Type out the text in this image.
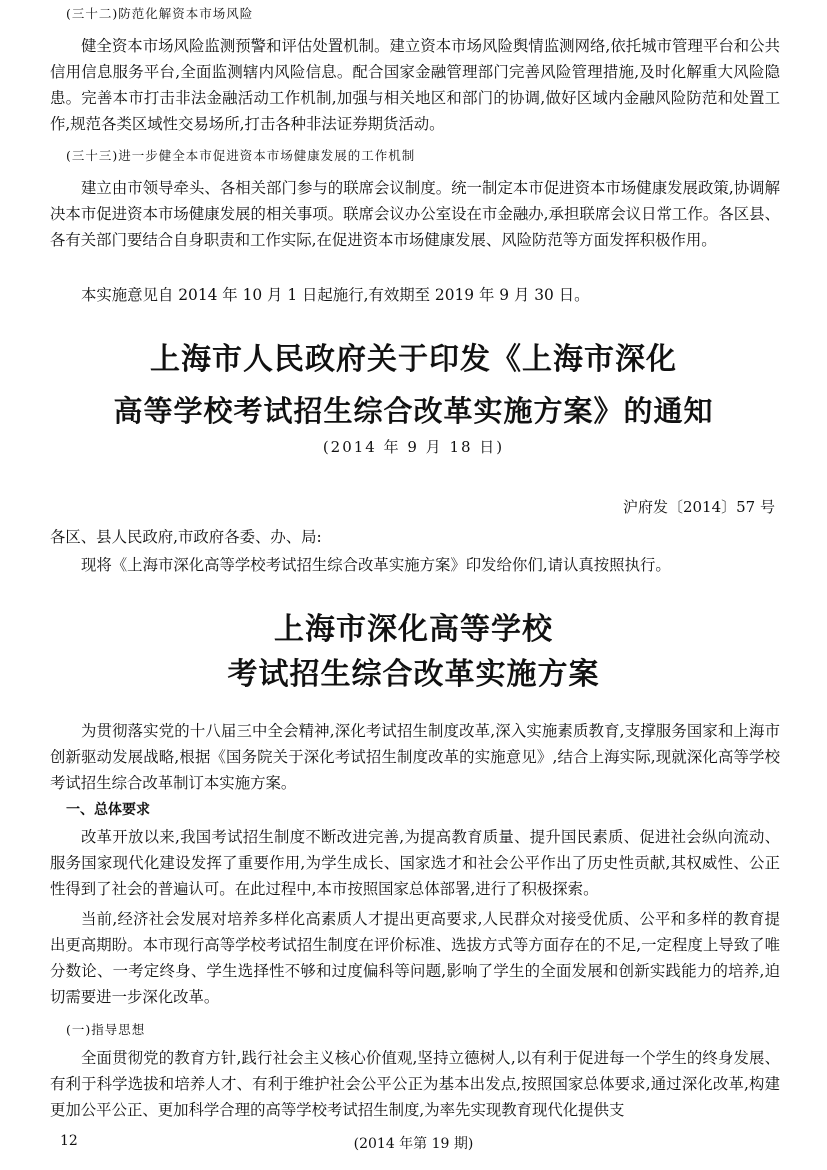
(三十二)防范化解资本市场风险

健全资本市场风险监测预警和评估处置机制。建立资本市场风险舆情监测网络,依托城市管理平台和公共信用信息服务平台,全面监测辖内风险信息。配合国家金融管理部门完善风险管理措施,及时化解重大风险隐患。完善本市打击非法金融活动工作机制,加强与相关地区和部门的协调,做好区域内金融风险防范和处置工作,规范各类区域性交易场所,打击各种非法证券期货活动。

(三十三)进一步健全本市促进资本市场健康发展的工作机制

建立由市领导牵头、各相关部门参与的联席会议制度。统一制定本市促进资本市场健康发展政策,协调解决本市促进资本市场健康发展的相关事项。联席会议办公室设在市金融办,承担联席会议日常工作。各区县、各有关部门要结合自身职责和工作实际,在促进资本市场健康发展、风险防范等方面发挥积极作用。

本实施意见自 2014 年 10 月 1 日起施行,有效期至 2019 年 9 月 30 日。

上海市人民政府关于印发《上海市深化
高等学校考试招生综合改革实施方案》的通知

(2014 年 9 月 18 日)

沪府发〔2014〕57 号

各区、县人民政府,市政府各委、办、局:

现将《上海市深化高等学校考试招生综合改革实施方案》印发给你们,请认真按照执行。

上海市深化高等学校
考试招生综合改革实施方案

为贯彻落实党的十八届三中全会精神,深化考试招生制度改革,深入实施素质教育,支撑服务国家和上海市创新驱动发展战略,根据《国务院关于深化考试招生制度改革的实施意见》,结合上海实际,现就深化高等学校考试招生综合改革制订本实施方案。

一、总体要求

改革开放以来,我国考试招生制度不断改进完善,为提高教育质量、提升国民素质、促进社会纵向流动、服务国家现代化建设发挥了重要作用,为学生成长、国家选才和社会公平作出了历史性贡献,其权威性、公正性得到了社会的普遍认可。在此过程中,本市按照国家总体部署,进行了积极探索。

当前,经济社会发展对培养多样化高素质人才提出更高要求,人民群众对接受优质、公平和多样的教育提出更高期盼。本市现行高等学校考试招生制度在评价标准、选拔方式等方面存在的不足,一定程度上导致了唯分数论、一考定终身、学生选择性不够和过度偏科等问题,影响了学生的全面发展和创新实践能力的培养,迫切需要进一步深化改革。

(一)指导思想

全面贯彻党的教育方针,践行社会主义核心价值观,坚持立德树人,以有利于促进每一个学生的终身发展、有利于科学选拔和培养人才、有利于维护社会公平公正为基本出发点,按照国家总体要求,通过深化改革,构建更加公平公正、更加科学合理的高等学校考试招生制度,为率先实现教育现代化提供支

12	(2014 年第 19 期)
